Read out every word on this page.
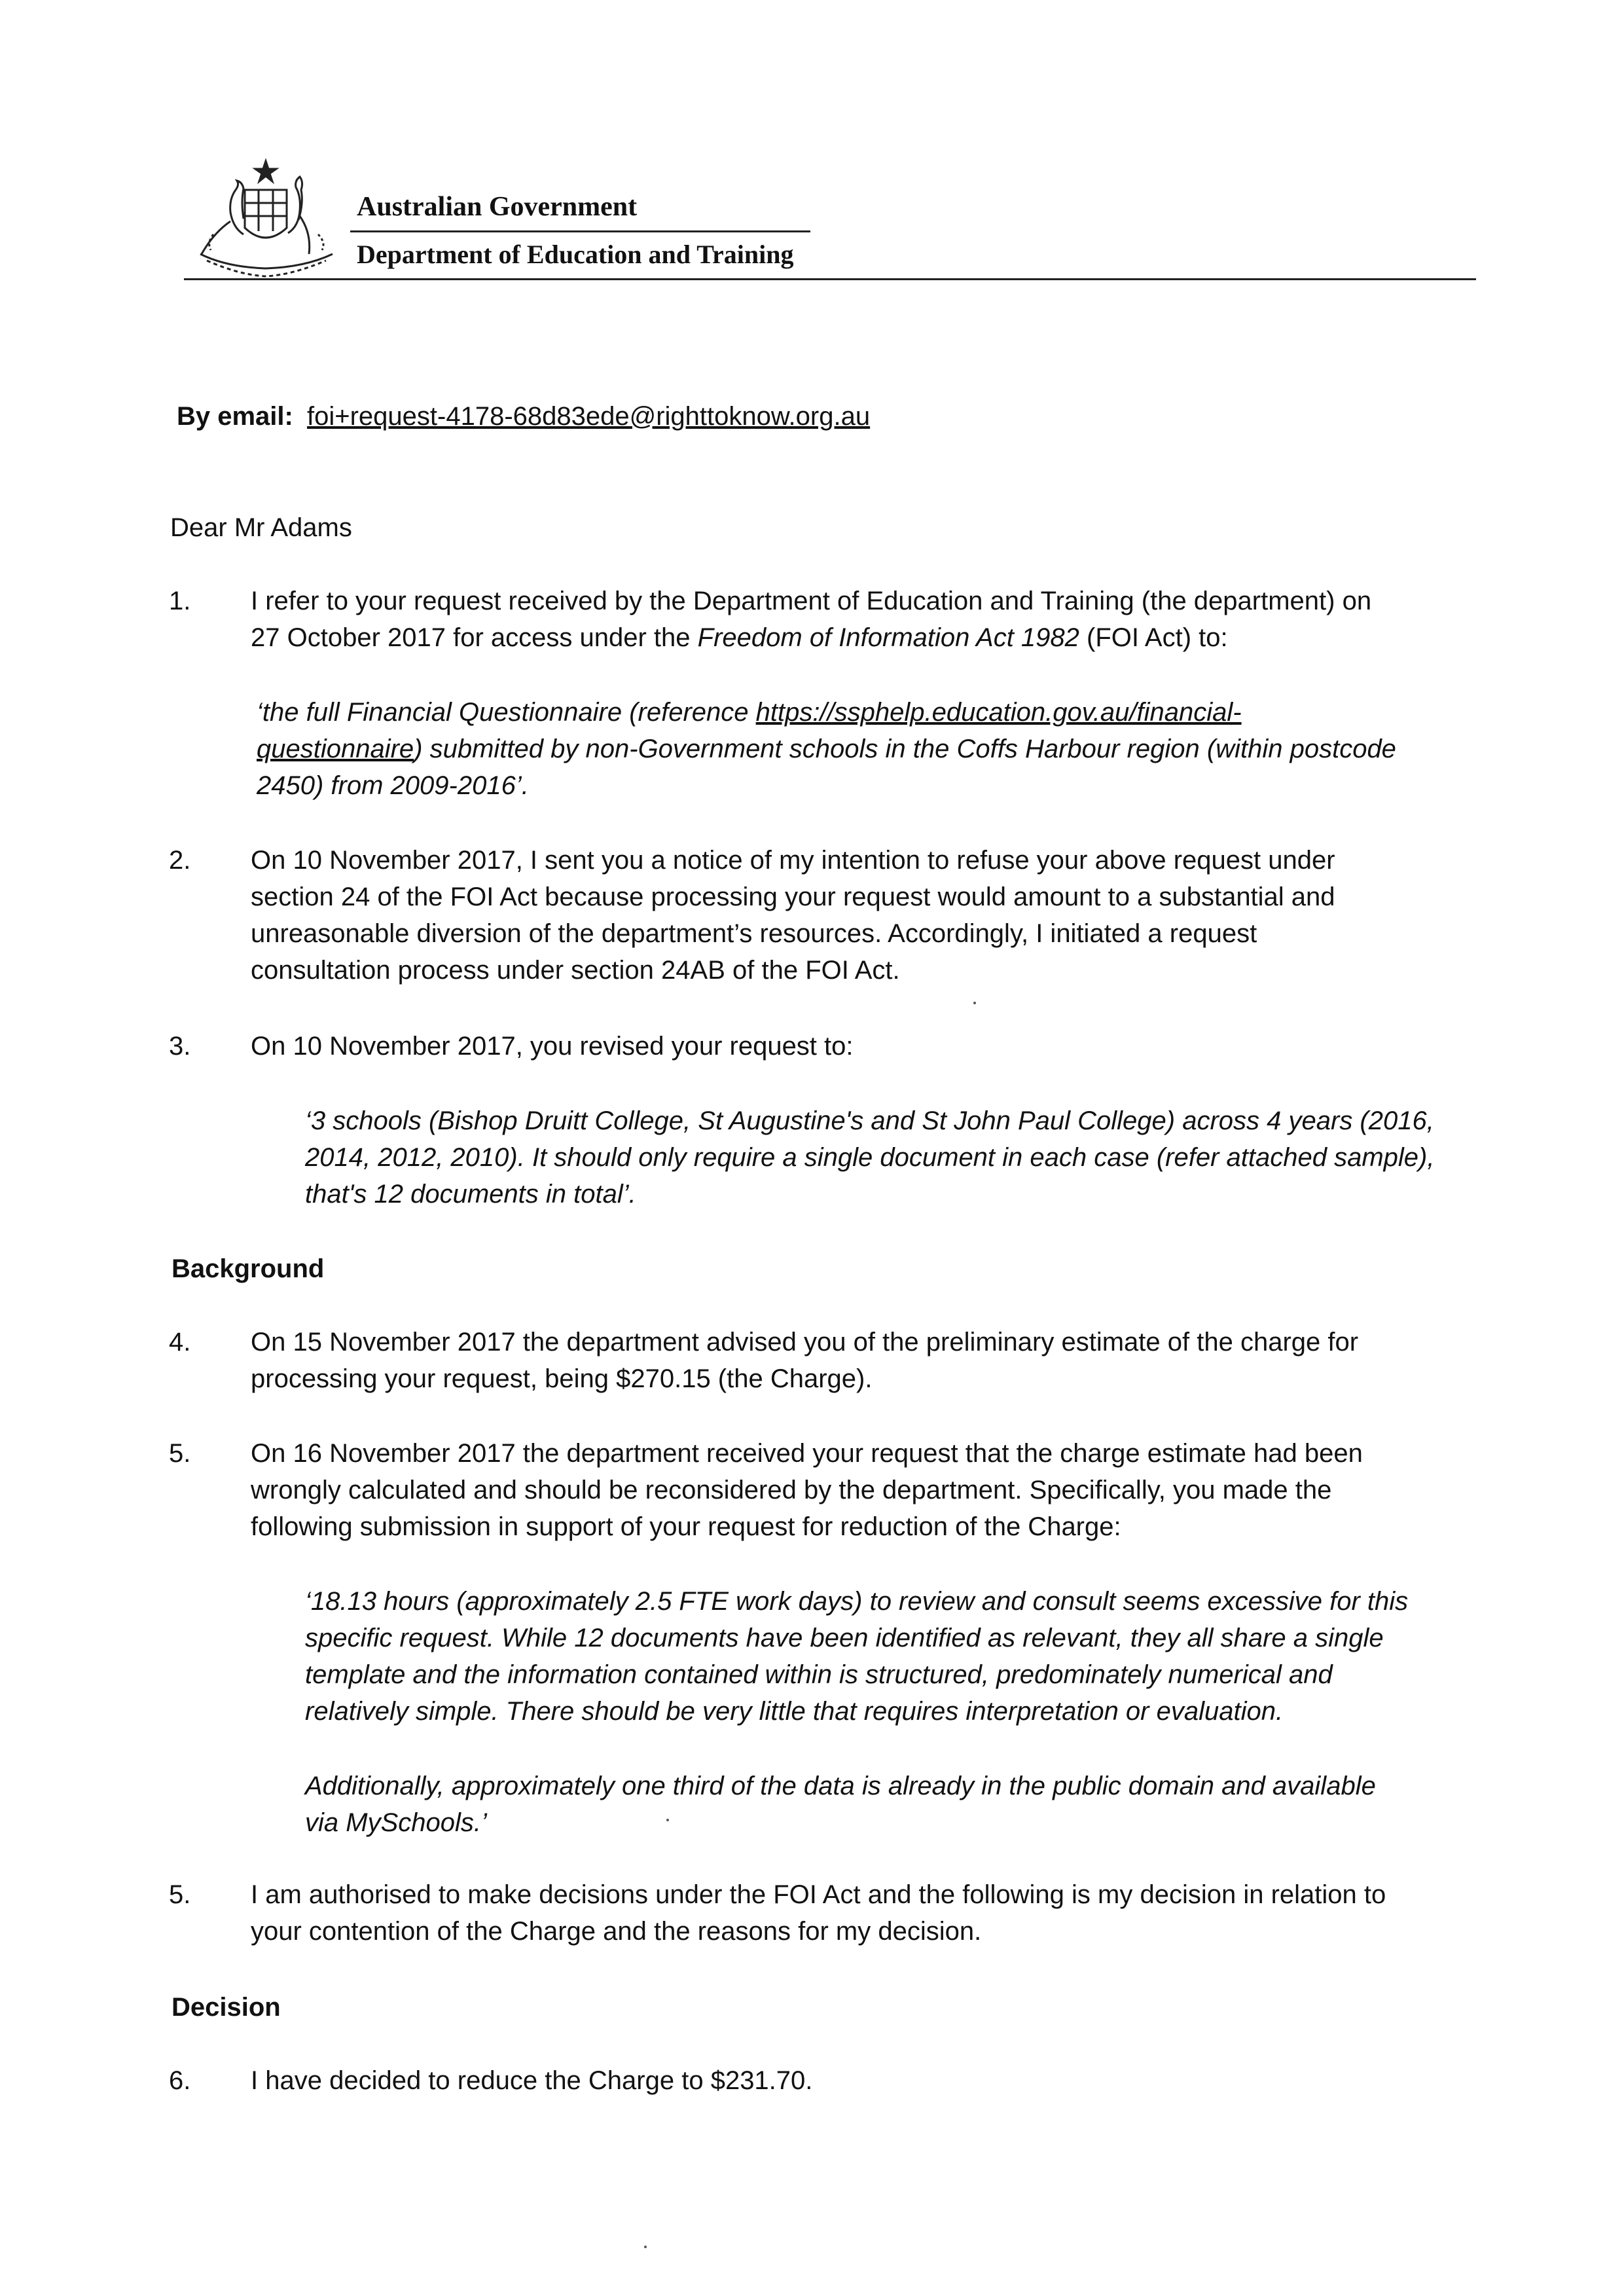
Australian Government
Department of Education and Training
By email: foi+request-4178-68d83ede@righttoknow.org.au
Dear Mr Adams
1. I refer to your request received by the Department of Education and Training (the department) on
27 October 2017 for access under the Freedom of Information Act 1982 (FOI Act) to:
‘the full Financial Questionnaire (reference https://ssphelp.education.gov.au/financial-
questionnaire) submitted by non-Government schools in the Coffs Harbour region (within postcode
2450) from 2009-2016’.
2. On 10 November 2017, I sent you a notice of my intention to refuse your above request under
section 24 of the FOI Act because processing your request would amount to a substantial and
unreasonable diversion of the department’s resources. Accordingly, I initiated a request
consultation process under section 24AB of the FOI Act.
3. On 10 November 2017, you revised your request to:
‘3 schools (Bishop Druitt College, St Augustine's and St John Paul College) across 4 years (2016,
2014, 2012, 2010). It should only require a single document in each case (refer attached sample),
that's 12 documents in total’.
Background
4. On 15 November 2017 the department advised you of the preliminary estimate of the charge for
processing your request, being $270.15 (the Charge).
5. On 16 November 2017 the department received your request that the charge estimate had been
wrongly calculated and should be reconsidered by the department. Specifically, you made the
following submission in support of your request for reduction of the Charge:
‘18.13 hours (approximately 2.5 FTE work days) to review and consult seems excessive for this
specific request. While 12 documents have been identified as relevant, they all share a single
template and the information contained within is structured, predominately numerical and
relatively simple. There should be very little that requires interpretation or evaluation.
Additionally, approximately one third of the data is already in the public domain and available
via MySchools.’
5. I am authorised to make decisions under the FOI Act and the following is my decision in relation to
your contention of the Charge and the reasons for my decision.
Decision
6. I have decided to reduce the Charge to $231.70.
